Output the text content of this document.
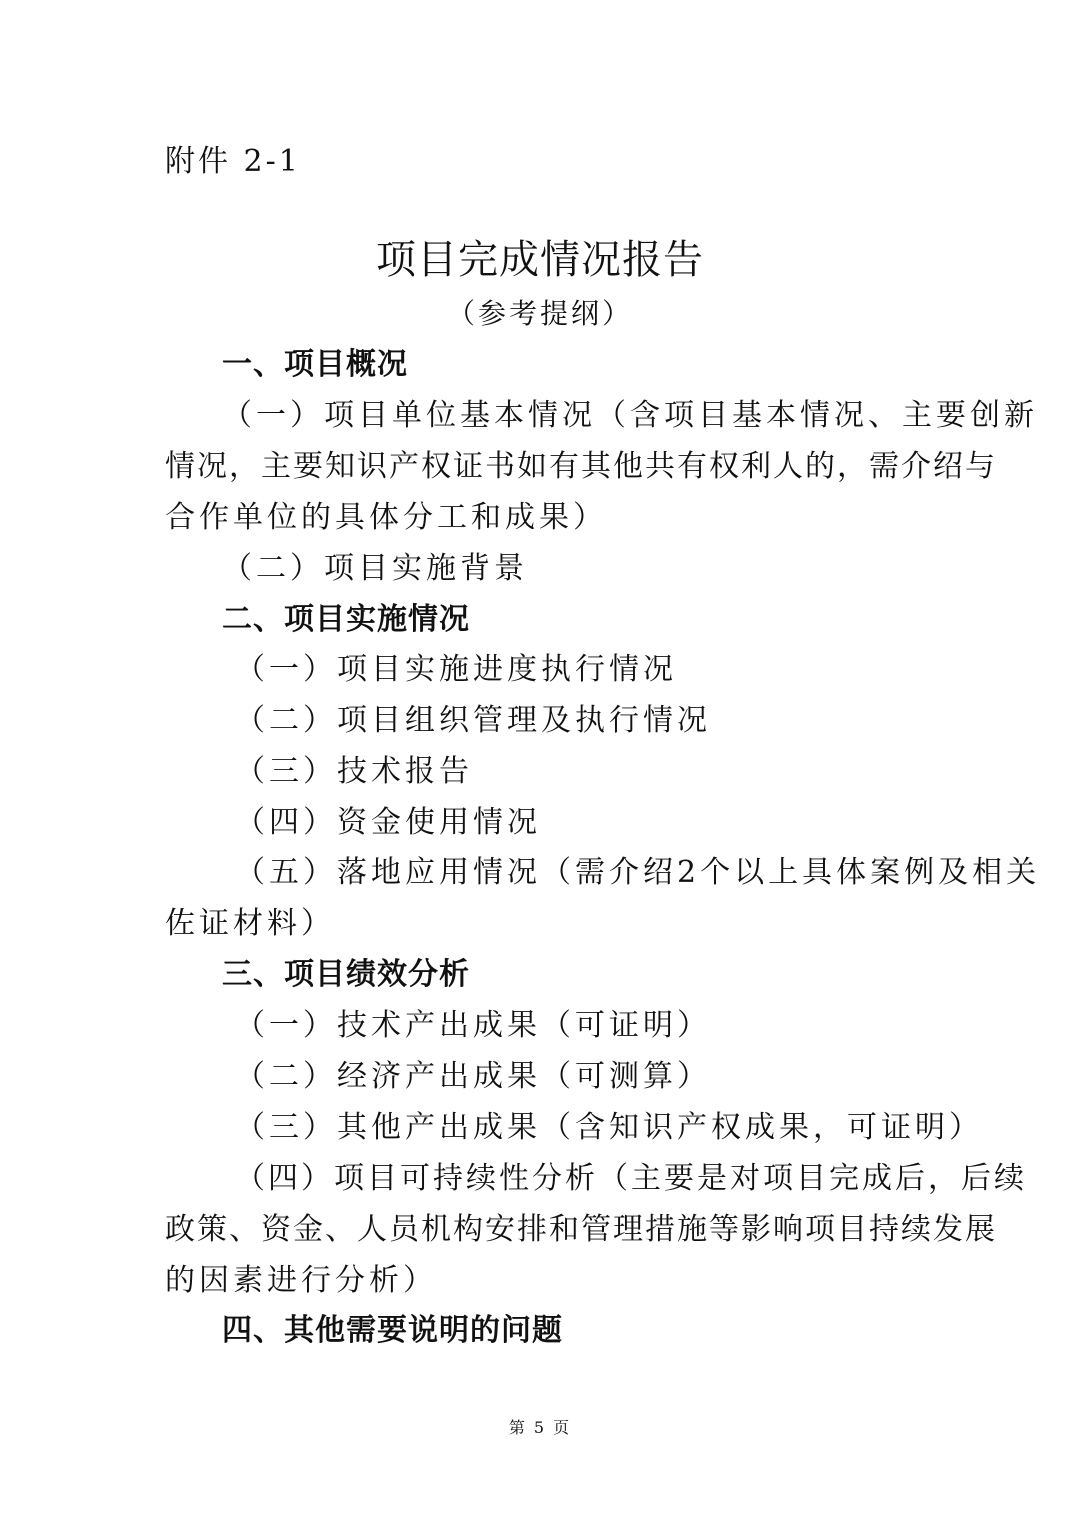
附件 2-1
项目完成情况报告
（参考提纲）
一、项目概况
（一）项目单位基本情况（含项目基本情况、主要创新
情况，主要知识产权证书如有其他共有权利人的，需介绍与
合作单位的具体分工和成果）
（二）项目实施背景
二、项目实施情况
（一）项目实施进度执行情况
（二）项目组织管理及执行情况
（三）技术报告
（四）资金使用情况
（五）落地应用情况（需介绍2个以上具体案例及相关
佐证材料）
三、项目绩效分析
（一）技术产出成果（可证明）
（二）经济产出成果（可测算）
（三）其他产出成果（含知识产权成果，可证明）
（四）项目可持续性分析（主要是对项目完成后，后续
政策、资金、人员机构安排和管理措施等影响项目持续发展
的因素进行分析）
四、其他需要说明的问题
第 5 页
